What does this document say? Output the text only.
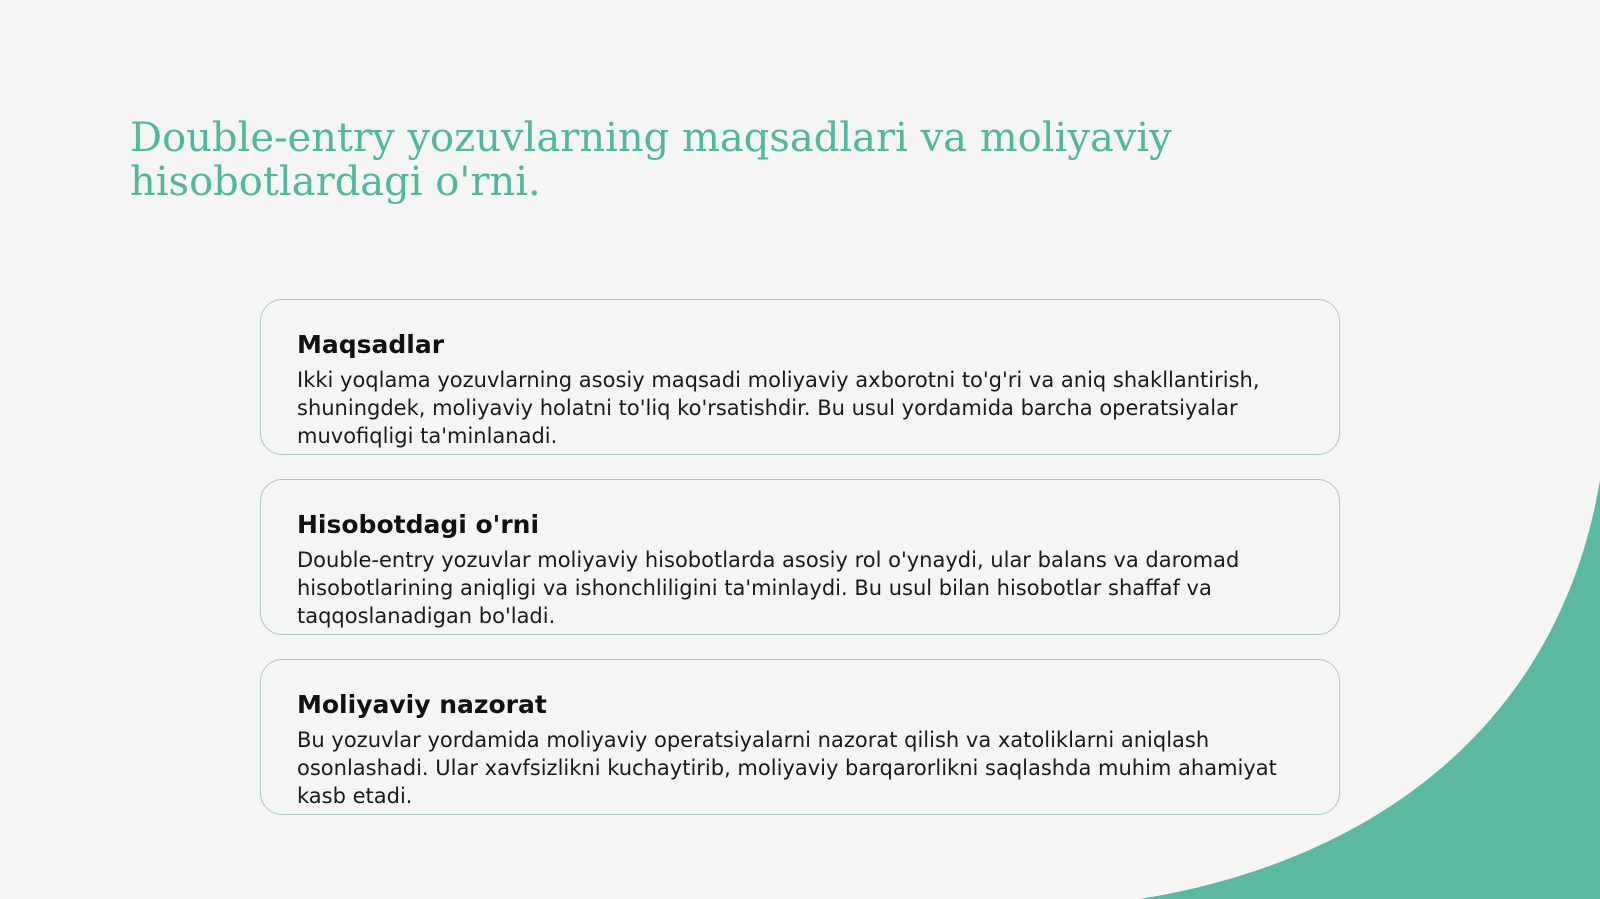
Double-entry yozuvlarning maqsadlari va moliyaviy hisobotlardagi o'rni.
Maqsadlar

Ikki yoqlama yozuvlarning asosiy maqsadi moliyaviy axborotni to'g'ri va aniq shakllantirish, shuningdek, moliyaviy holatni to'liq ko'rsatishdir. Bu usul yordamida barcha operatsiyalar muvofiqligi ta'minlanadi.

Hisobotdagi o'rni

Double-entry yozuvlar moliyaviy hisobotlarda asosiy rol o'ynaydi, ular balans va daromad hisobotlarining aniqligi va ishonchliligini ta'minlaydi. Bu usul bilan hisobotlar shaffaf va taqqoslanadigan bo'ladi.

Moliyaviy nazorat

Bu yozuvlar yordamida moliyaviy operatsiyalarni nazorat qilish va xatoliklarni aniqlash osonlashadi. Ular xavfsizlikni kuchaytirib, moliyaviy barqarorlikni saqlashda muhim ahamiyat kasb etadi.
